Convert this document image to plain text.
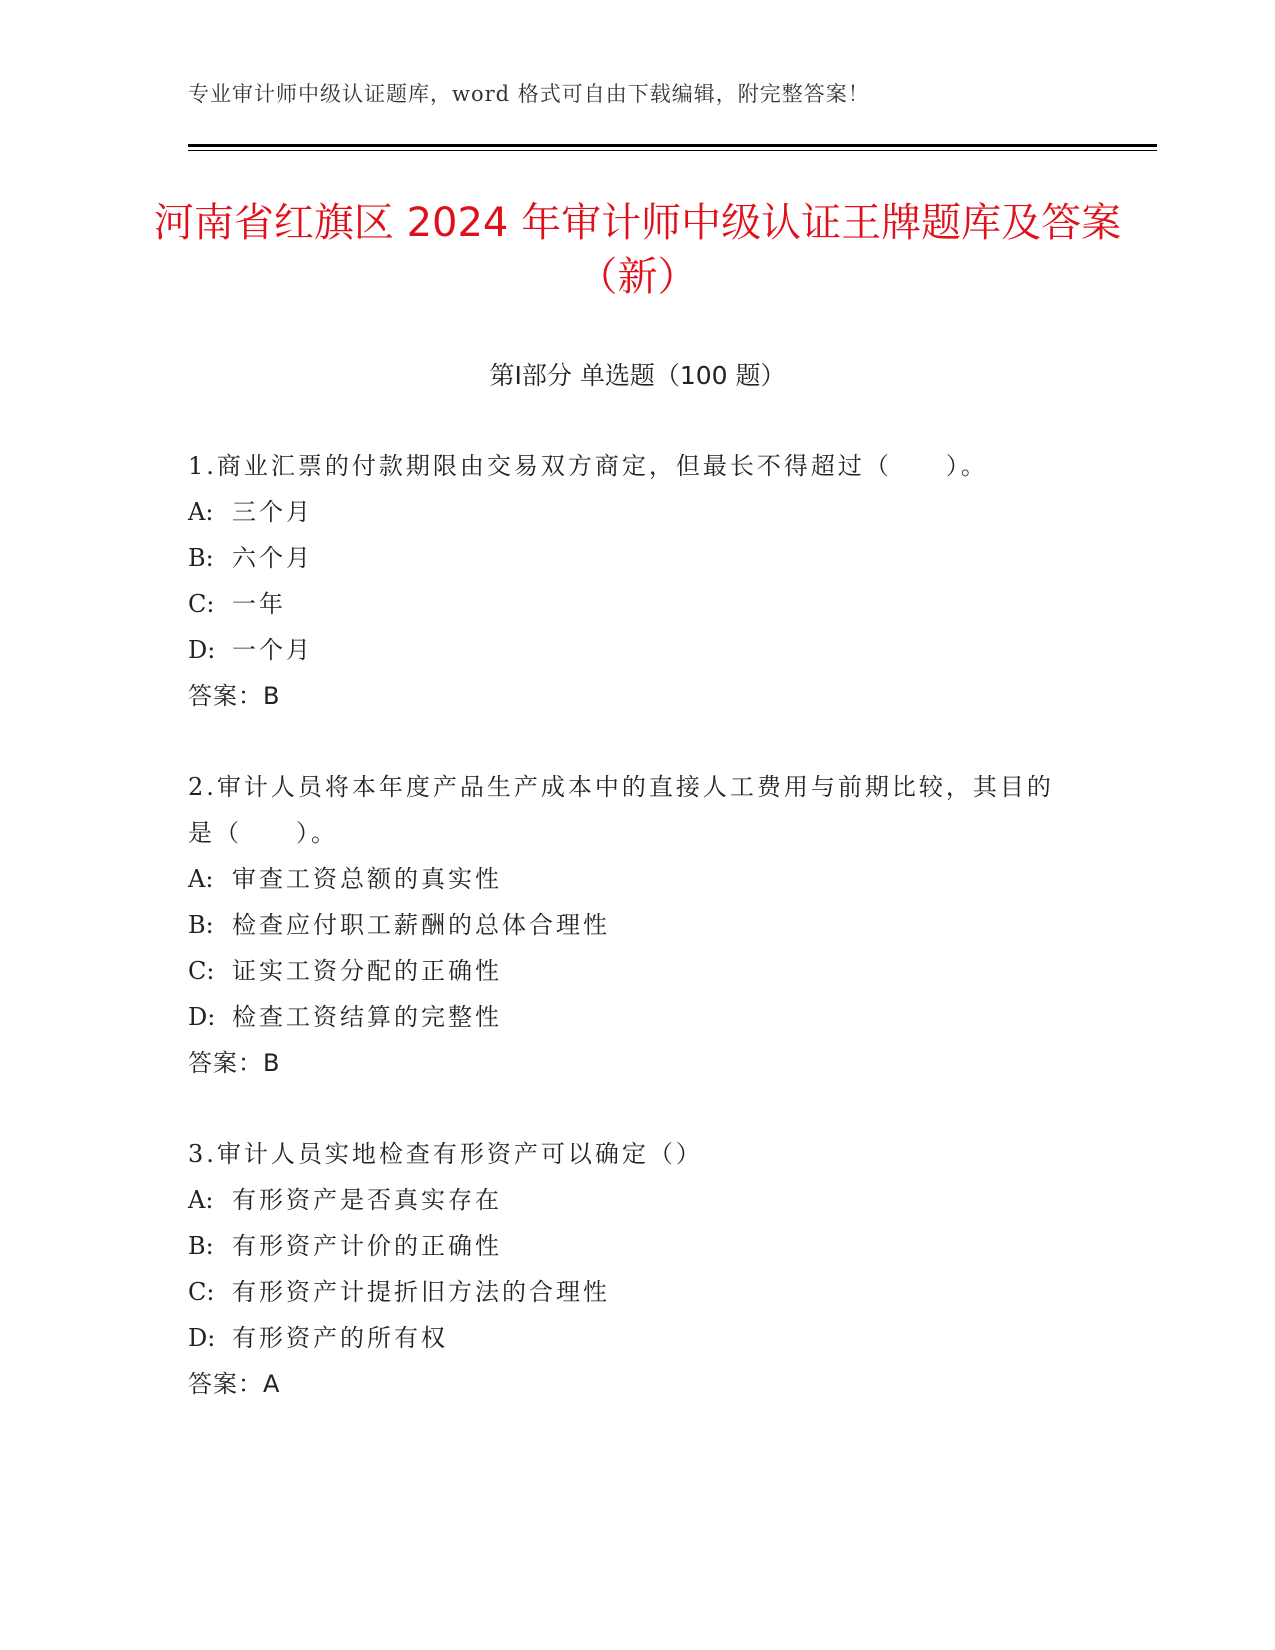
专业审计师中级认证题库，word 格式可自由下载编辑，附完整答案！
河南省红旗区 2024 年审计师中级认证王牌题库及答案（新）
第Ⅰ部分 单选题（100 题）
1.商业汇票的付款期限由交易双方商定，但最长不得超过（　　）。
A: 三个月
B: 六个月
C: 一年
D: 一个月
答案：B
2.审计人员将本年度产品生产成本中的直接人工费用与前期比较，其目的是（　　）。
A: 审查工资总额的真实性
B: 检查应付职工薪酬的总体合理性
C: 证实工资分配的正确性
D: 检查工资结算的完整性
答案：B
3.审计人员实地检查有形资产可以确定（）
A: 有形资产是否真实存在
B: 有形资产计价的正确性
C: 有形资产计提折旧方法的合理性
D: 有形资产的所有权
答案：A
